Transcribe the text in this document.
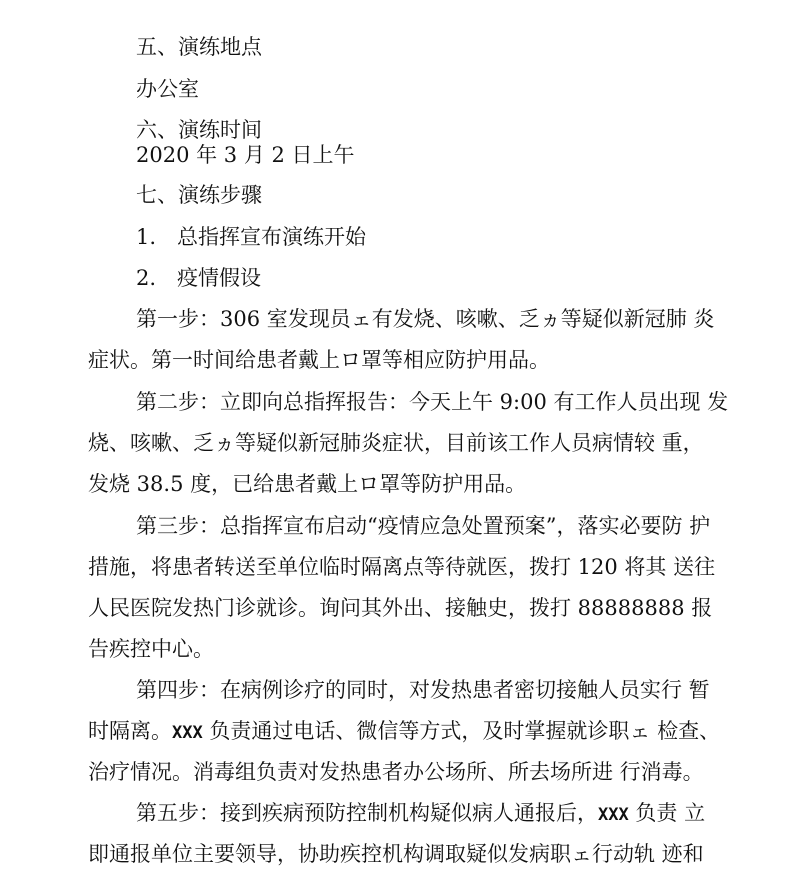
五、演练地点

办公室

六、演练时间

2020 年 3 月 2 日上午

七、演练步骤

1.　总指挥宣布演练开始

2.　疫情假设

第一步：306 室发现员ェ有发烧、咳嗽、乏ヵ等疑似新冠肺 炎

症状。第一时间给患者戴上ロ罩等相应防护用品。

第二步：立即向总指挥报告：今天上午 9:00 有工作人员出现 发

烧、咳嗽、乏ヵ等疑似新冠肺炎症状，目前该工作人员病情较 重，

发烧 38.5 度，已给患者戴上ロ罩等防护用品。

第三步：总指挥宣布启动“疫情应急处置预案”，落实必要防 护

措施，将患者转送至单位临时隔离点等待就医，拨打 120 将其 送往

人民医院发热门诊就诊。询问其外出、接触史，拨打 88888888 报

告疾控中心。

第四步：在病例诊疗的同时，对发热患者密切接触人员实行 暂

时隔离。XXX 负责通过电话、微信等方式，及时掌握就诊职ェ 检查、

治疗情况。消毒组负责对发热患者办公场所、所去场所进 行消毒。

第五步：接到疾病预防控制机构疑似病人通报后，XXX 负责 立

即通报单位主要领导，协助疾控机构调取疑似发病职ェ行动轨 迹和
